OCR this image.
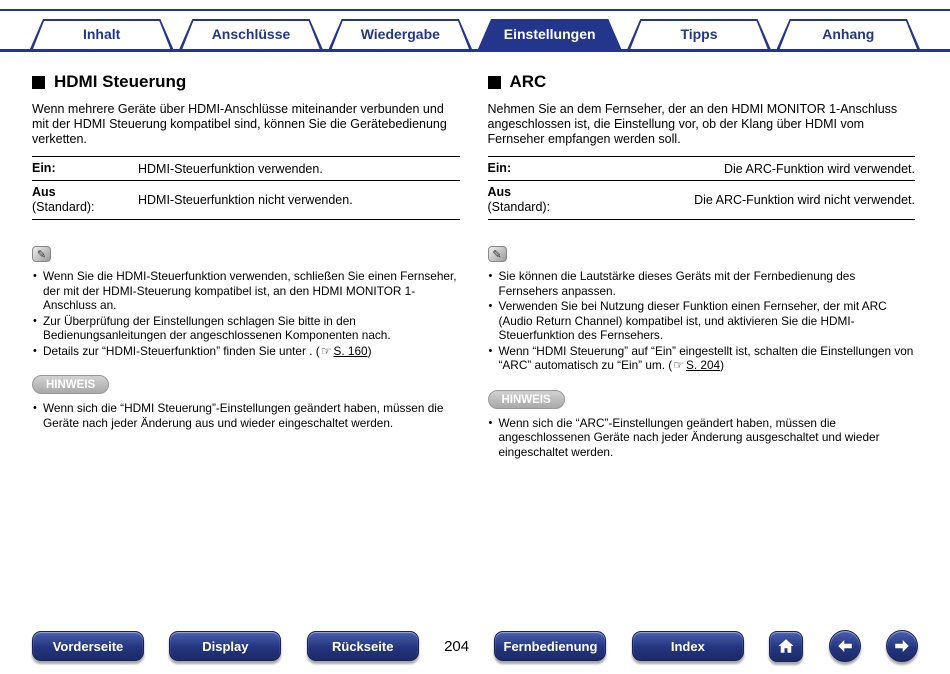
Inhalt	Anschlüsse	Wiedergabe	Einstellungen	Tipps	Anhang
HDMI Steuerung

Wenn mehrere Geräte über HDMI-Anschlüsse miteinander verbunden und mit der HDMI Steuerung kompatibel sind, können Sie die Gerätebedienung verketten.

Ein:	HDMI-Steuerfunktion verwenden.
Aus
(Standard):	HDMI-Steuerfunktion nicht verwenden.
✎
• Wenn Sie die HDMI-Steuerfunktion verwenden, schließen Sie einen Fernseher, der mit der HDMI-Steuerung kompatibel ist, an den HDMI MONITOR 1-Anschluss an.
• Zur Überprüfung der Einstellungen schlagen Sie bitte in den Bedienungsanleitungen der angeschlossenen Komponenten nach.
• Details zur “HDMI-Steuerfunktion” finden Sie unter . (☞ S. 160)
HINWEIS
• Wenn sich die “HDMI Steuerung”-Einstellungen geändert haben, müssen die Geräte nach jeder Änderung aus und wieder eingeschaltet werden.
ARC

Nehmen Sie an dem Fernseher, der an den HDMI MONITOR 1-Anschluss angeschlossen ist, die Einstellung vor, ob der Klang über HDMI vom Fernseher empfangen werden soll.

Ein:	Die ARC-Funktion wird verwendet.
Aus
(Standard):	Die ARC-Funktion wird nicht verwendet.
✎
• Sie können die Lautstärke dieses Geräts mit der Fernbedienung des Fernsehers anpassen.
• Verwenden Sie bei Nutzung dieser Funktion einen Fernseher, der mit ARC (Audio Return Channel) kompatibel ist, und aktivieren Sie die HDMI-Steuerfunktion des Fernsehers.
• Wenn “HDMI Steuerung” auf “Ein” eingestellt ist, schalten die Einstellungen von “ARC” automatisch zu “Ein” um. (☞ S. 204)
HINWEIS
• Wenn sich die “ARC”-Einstellungen geändert haben, müssen die angeschlossenen Geräte nach jeder Änderung ausgeschaltet und wieder eingeschaltet werden.
Vorderseite	Display	Rückseite	204	Fernbedienung	Index
